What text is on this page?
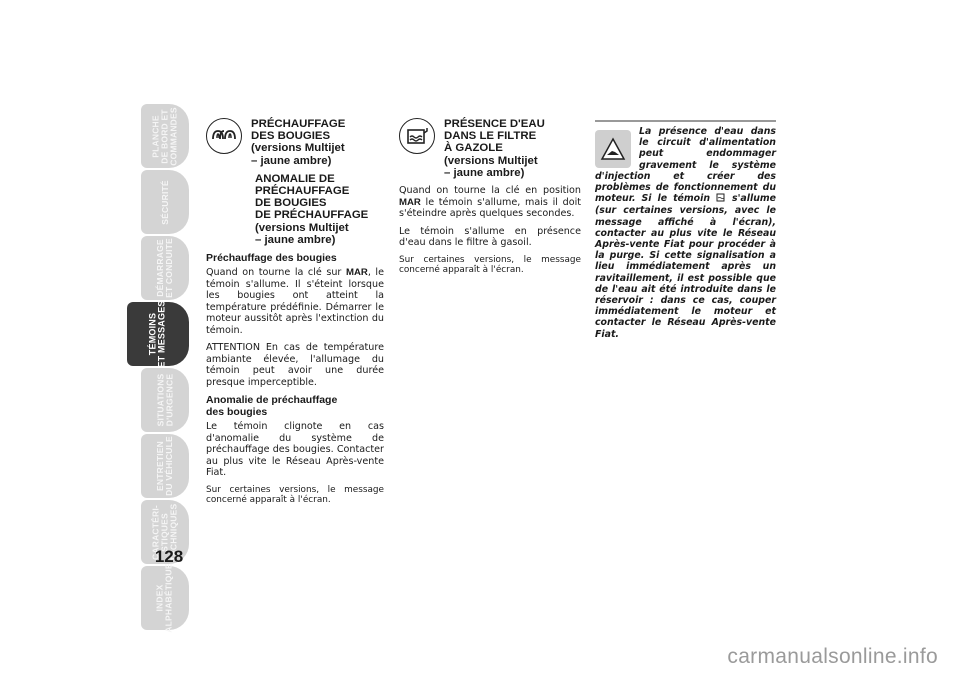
PLANCHE
DE BORD ET
COMMANDES
SÉCURITÉ
DÉMARRAGE
ET CONDUITE
TÉMOINS
ET MESSAGES
SITUATIONS
D'URGENCE
ENTRETIEN
DU VÉHICULE
CARACTÉRI-
STIQUES
TECHNIQUES
INDEX
ALPHABÉTIQUE
128
PRÉCHAUFFAGE
DES BOUGIES
(versions Multijet
– jaune ambre)
ANOMALIE DE
PRÉCHAUFFAGE
DE BOUGIES
DE PRÉCHAUFFAGE
(versions Multijet
– jaune ambre)
Préchauffage des bougies

Quand on tourne la clé sur MAR, le témoin s'allume. Il s'éteint lorsque les bougies ont atteint la température prédéfinie. Démarrer le moteur aussitôt après l'extinction du témoin.

ATTENTION En cas de température ambiante élevée, l'allumage du témoin peut avoir une durée presque imperceptible.

Anomalie de préchauffage
des bougies

Le témoin clignote en cas d'anomalie du système de préchauffage des bougies. Contacter au plus vite le Réseau Après-vente Fiat.

Sur certaines versions, le message concerné apparaît à l'écran.

PRÉSENCE D'EAU
DANS LE FILTRE
À GAZOLE
(versions Multijet
– jaune ambre)

Quand on tourne la clé en position MAR le témoin s'allume, mais il doit s'éteindre après quelques secondes.

Le témoin s'allume en présence d'eau dans le filtre à gasoil.

Sur certaines versions, le message concerné apparaît à l'écran.

La présence d'eau dans le circuit d'alimentation peut endommager gravement le système d'injection et créer des problèmes de fonctionnement du moteur. Si le témoin  s'allume (sur certaines versions, avec le message affiché à l'écran), contacter au plus vite le Réseau Après-vente Fiat pour procéder à la purge. Si cette signalisation a lieu immédiatement après un ravitaillement, il est possible que de l'eau ait été introduite dans le réservoir : dans ce cas, couper immédiatement le moteur et contacter le Réseau Après-vente Fiat.
carmanualsonline.info
